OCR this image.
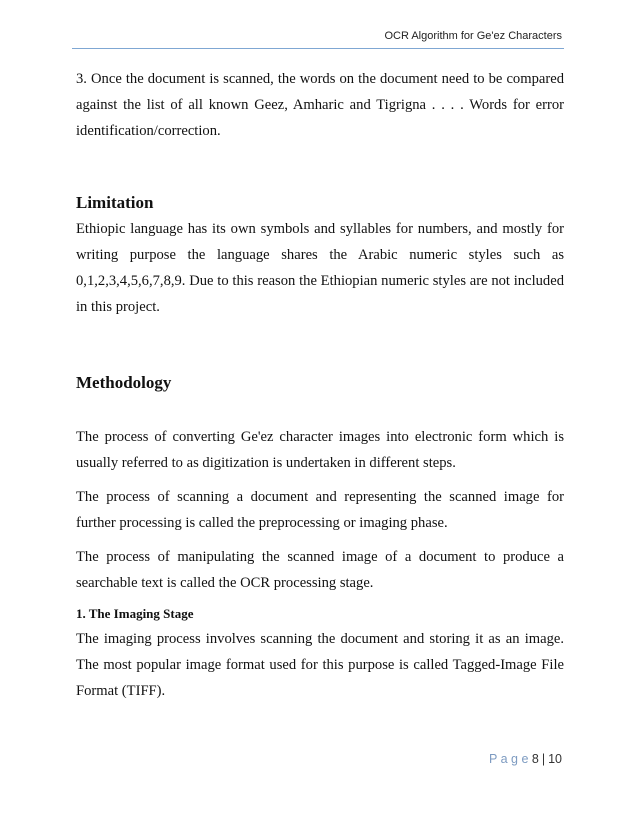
OCR Algorithm for Ge'ez Characters

3. Once the document is scanned, the words on the document need to be compared against the list of all known Geez, Amharic and Tigrigna . . . . Words for error identification/correction.

Limitation

Ethiopic language has its own symbols and syllables for numbers, and mostly for writing purpose the language shares the Arabic numeric styles such as 0,1,2,3,4,5,6,7,8,9. Due to this reason the Ethiopian numeric styles are not included in this project.

Methodology

The process of converting Ge'ez character images into electronic form which is usually referred to as digitization is undertaken in different steps.

The process of scanning a document and representing the scanned image for further processing is called the preprocessing or imaging phase.

The process of manipulating the scanned image of a document to produce a searchable text is called the OCR processing stage.

1. The Imaging Stage

The imaging process involves scanning the document and storing it as an image. The most popular image format used for this purpose is called Tagged-Image File Format (TIFF).

P a g e 8 | 10
